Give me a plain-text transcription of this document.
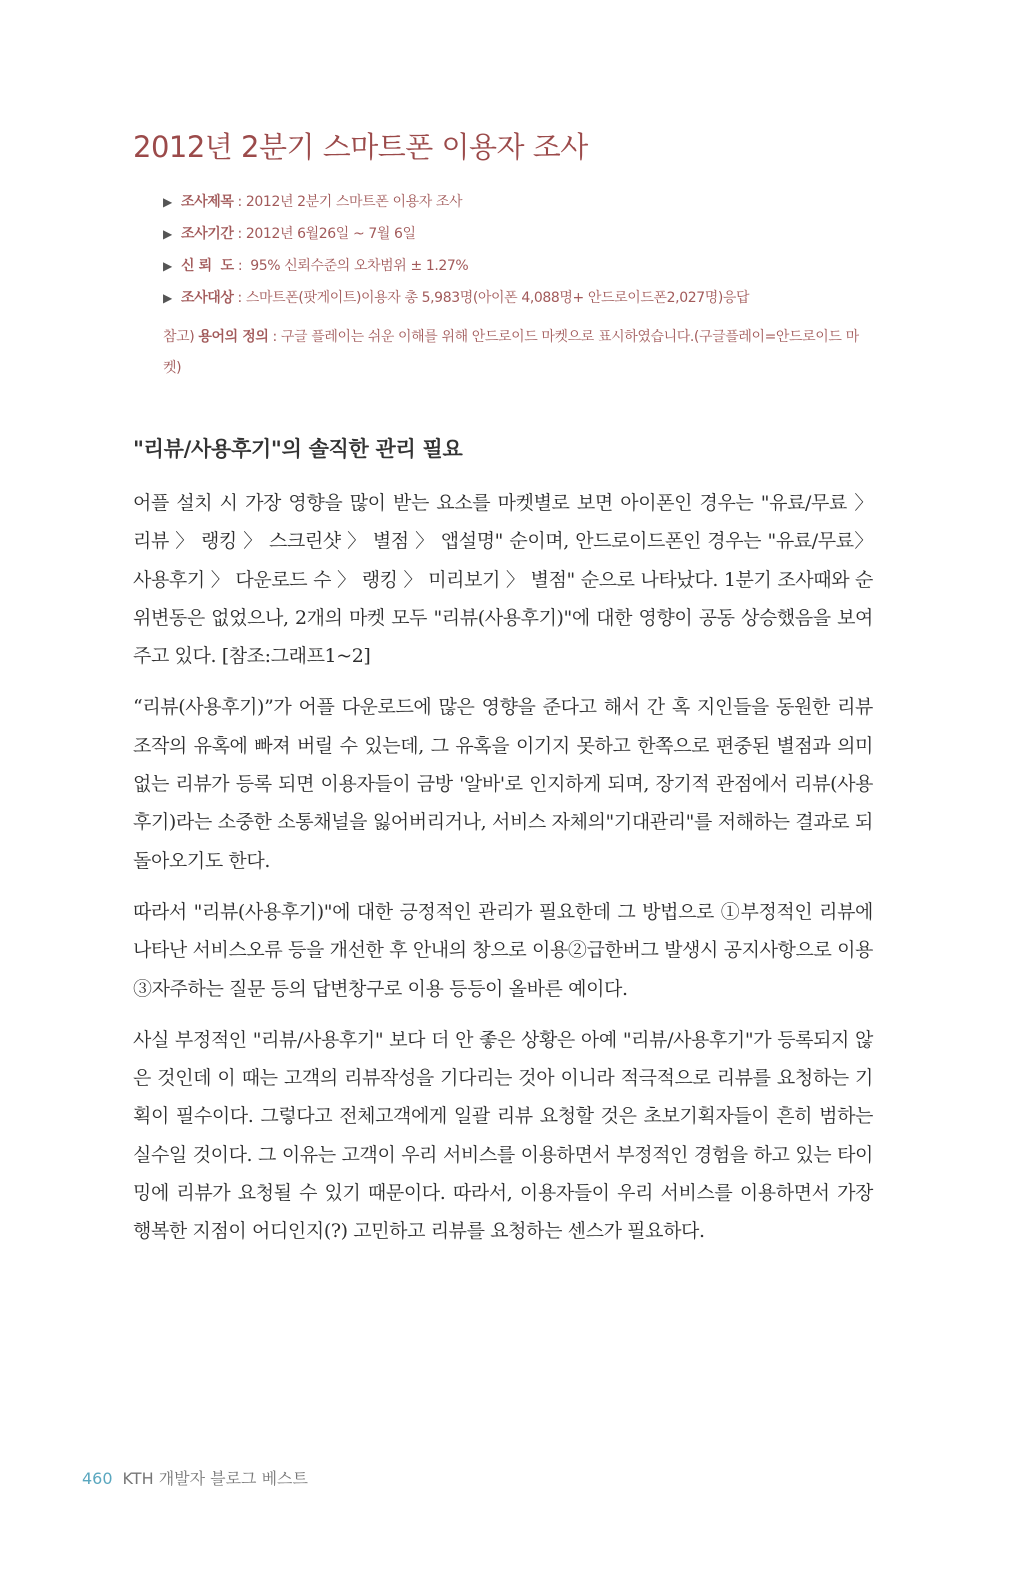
2012년 2분기 스마트폰 이용자 조사
▶ 조사제목 : 2012년 2분기 스마트폰 이용자 조사
▶ 조사기간 : 2012년 6월26일 ~ 7월 6일
▶ 신 뢰  도 :  95% 신뢰수준의 오차범위 ± 1.27%
▶ 조사대상 : 스마트폰(팟게이트)이용자 총 5,983명(아이폰 4,088명+ 안드로이드폰2,027명)응답
참고) 용어의 정의 : 구글 플레이는 쉬운 이해를 위해 안드로이드 마켓으로 표시하였습니다.(구글플레이=안드로이드 마켓)
"리뷰/사용후기"의 솔직한 관리 필요

어플 설치 시 가장 영향을 많이 받는 요소를 마켓별로 보면 아이폰인 경우는 "유료/무료 〉 리뷰 〉 랭킹 〉 스크린샷 〉 별점 〉 앱설명" 순이며, 안드로이드폰인 경우는 "유료/무료〉 사용후기 〉 다운로드 수 〉 랭킹 〉 미리보기 〉 별점" 순으로 나타났다. 1분기 조사때와 순위변동은 없었으나, 2개의 마켓 모두 "리뷰(사용후기)"에 대한 영향이 공동 상승했음을 보여주고 있다. [참조:그래프1~2]

“리뷰(사용후기)”가 어플 다운로드에 많은 영향을 준다고 해서 간 혹 지인들을 동원한 리뷰 조작의 유혹에 빠져 버릴 수 있는데, 그 유혹을 이기지 못하고 한쪽으로 편중된 별점과 의미없는 리뷰가 등록 되면 이용자들이 금방 '알바'로 인지하게 되며, 장기적 관점에서 리뷰(사용후기)라는 소중한 소통채널을 잃어버리거나, 서비스 자체의"기대관리"를 저해하는 결과로 되돌아오기도 한다.

따라서 "리뷰(사용후기)"에 대한 긍정적인 관리가 필요한데 그 방법으로 ①부정적인 리뷰에 나타난 서비스오류 등을 개선한 후 안내의 창으로 이용②급한버그 발생시 공지사항으로 이용 ③자주하는 질문 등의 답변창구로 이용 등등이 올바른 예이다.

사실 부정적인 "리뷰/사용후기" 보다 더 안 좋은 상황은 아예 "리뷰/사용후기"가 등록되지 않은 것인데 이 때는 고객의 리뷰작성을 기다리는 것아 이니라 적극적으로 리뷰를 요청하는 기획이 필수이다. 그렇다고 전체고객에게 일괄 리뷰 요청할 것은 초보기획자들이 흔히 범하는 실수일 것이다. 그 이유는 고객이 우리 서비스를 이용하면서 부정적인 경험을 하고 있는 타이밍에 리뷰가 요청될 수 있기 때문이다. 따라서, 이용자들이 우리 서비스를 이용하면서 가장 행복한 지점이 어디인지(?) 고민하고 리뷰를 요청하는 센스가 필요하다.

460 KTH 개발자 블로그 베스트
